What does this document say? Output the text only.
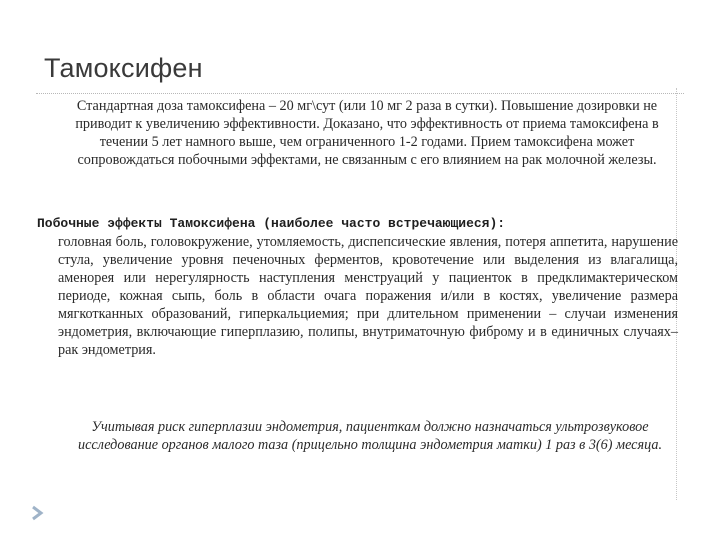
Тамоксифен
Стандартная доза тамоксифена – 20 мг\сут (или 10 мг 2 раза в сутки). Повышение дозировки не приводит к увеличению эффективности. Доказано, что эффективность от приема тамоксифена в течении 5 лет намного выше, чем ограниченного 1-2 годами. Прием тамоксифена может сопровождаться побочными эффектами, не связанным с его влиянием на рак молочной железы.
Побочные эффекты Тамоксифена (наиболее часто встречающиеся):
головная боль, головокружение, утомляемость, диспепсические явления, потеря аппетита, нарушение стула, увеличение уровня печеночных ферментов, кровотечение или выделения из влагалища, аменорея или нерегулярность наступления менструаций у пациенток в предклимактерическом периоде, кожная сыпь, боль в области очага поражения и/или в костях, увеличение размера мягкотканных образований, гиперкальциемия; при длительном применении – случаи изменения эндометрия, включающие гиперплазию, полипы, внутриматочную фиброму и в единичных случаях– рак эндометрия.
Учитывая риск гиперплазии эндометрия, пациенткам должно назначаться ультрозвуковое исследование органов малого таза (прицельно толщина эндометрия матки) 1 раз в 3(6) месяца.
